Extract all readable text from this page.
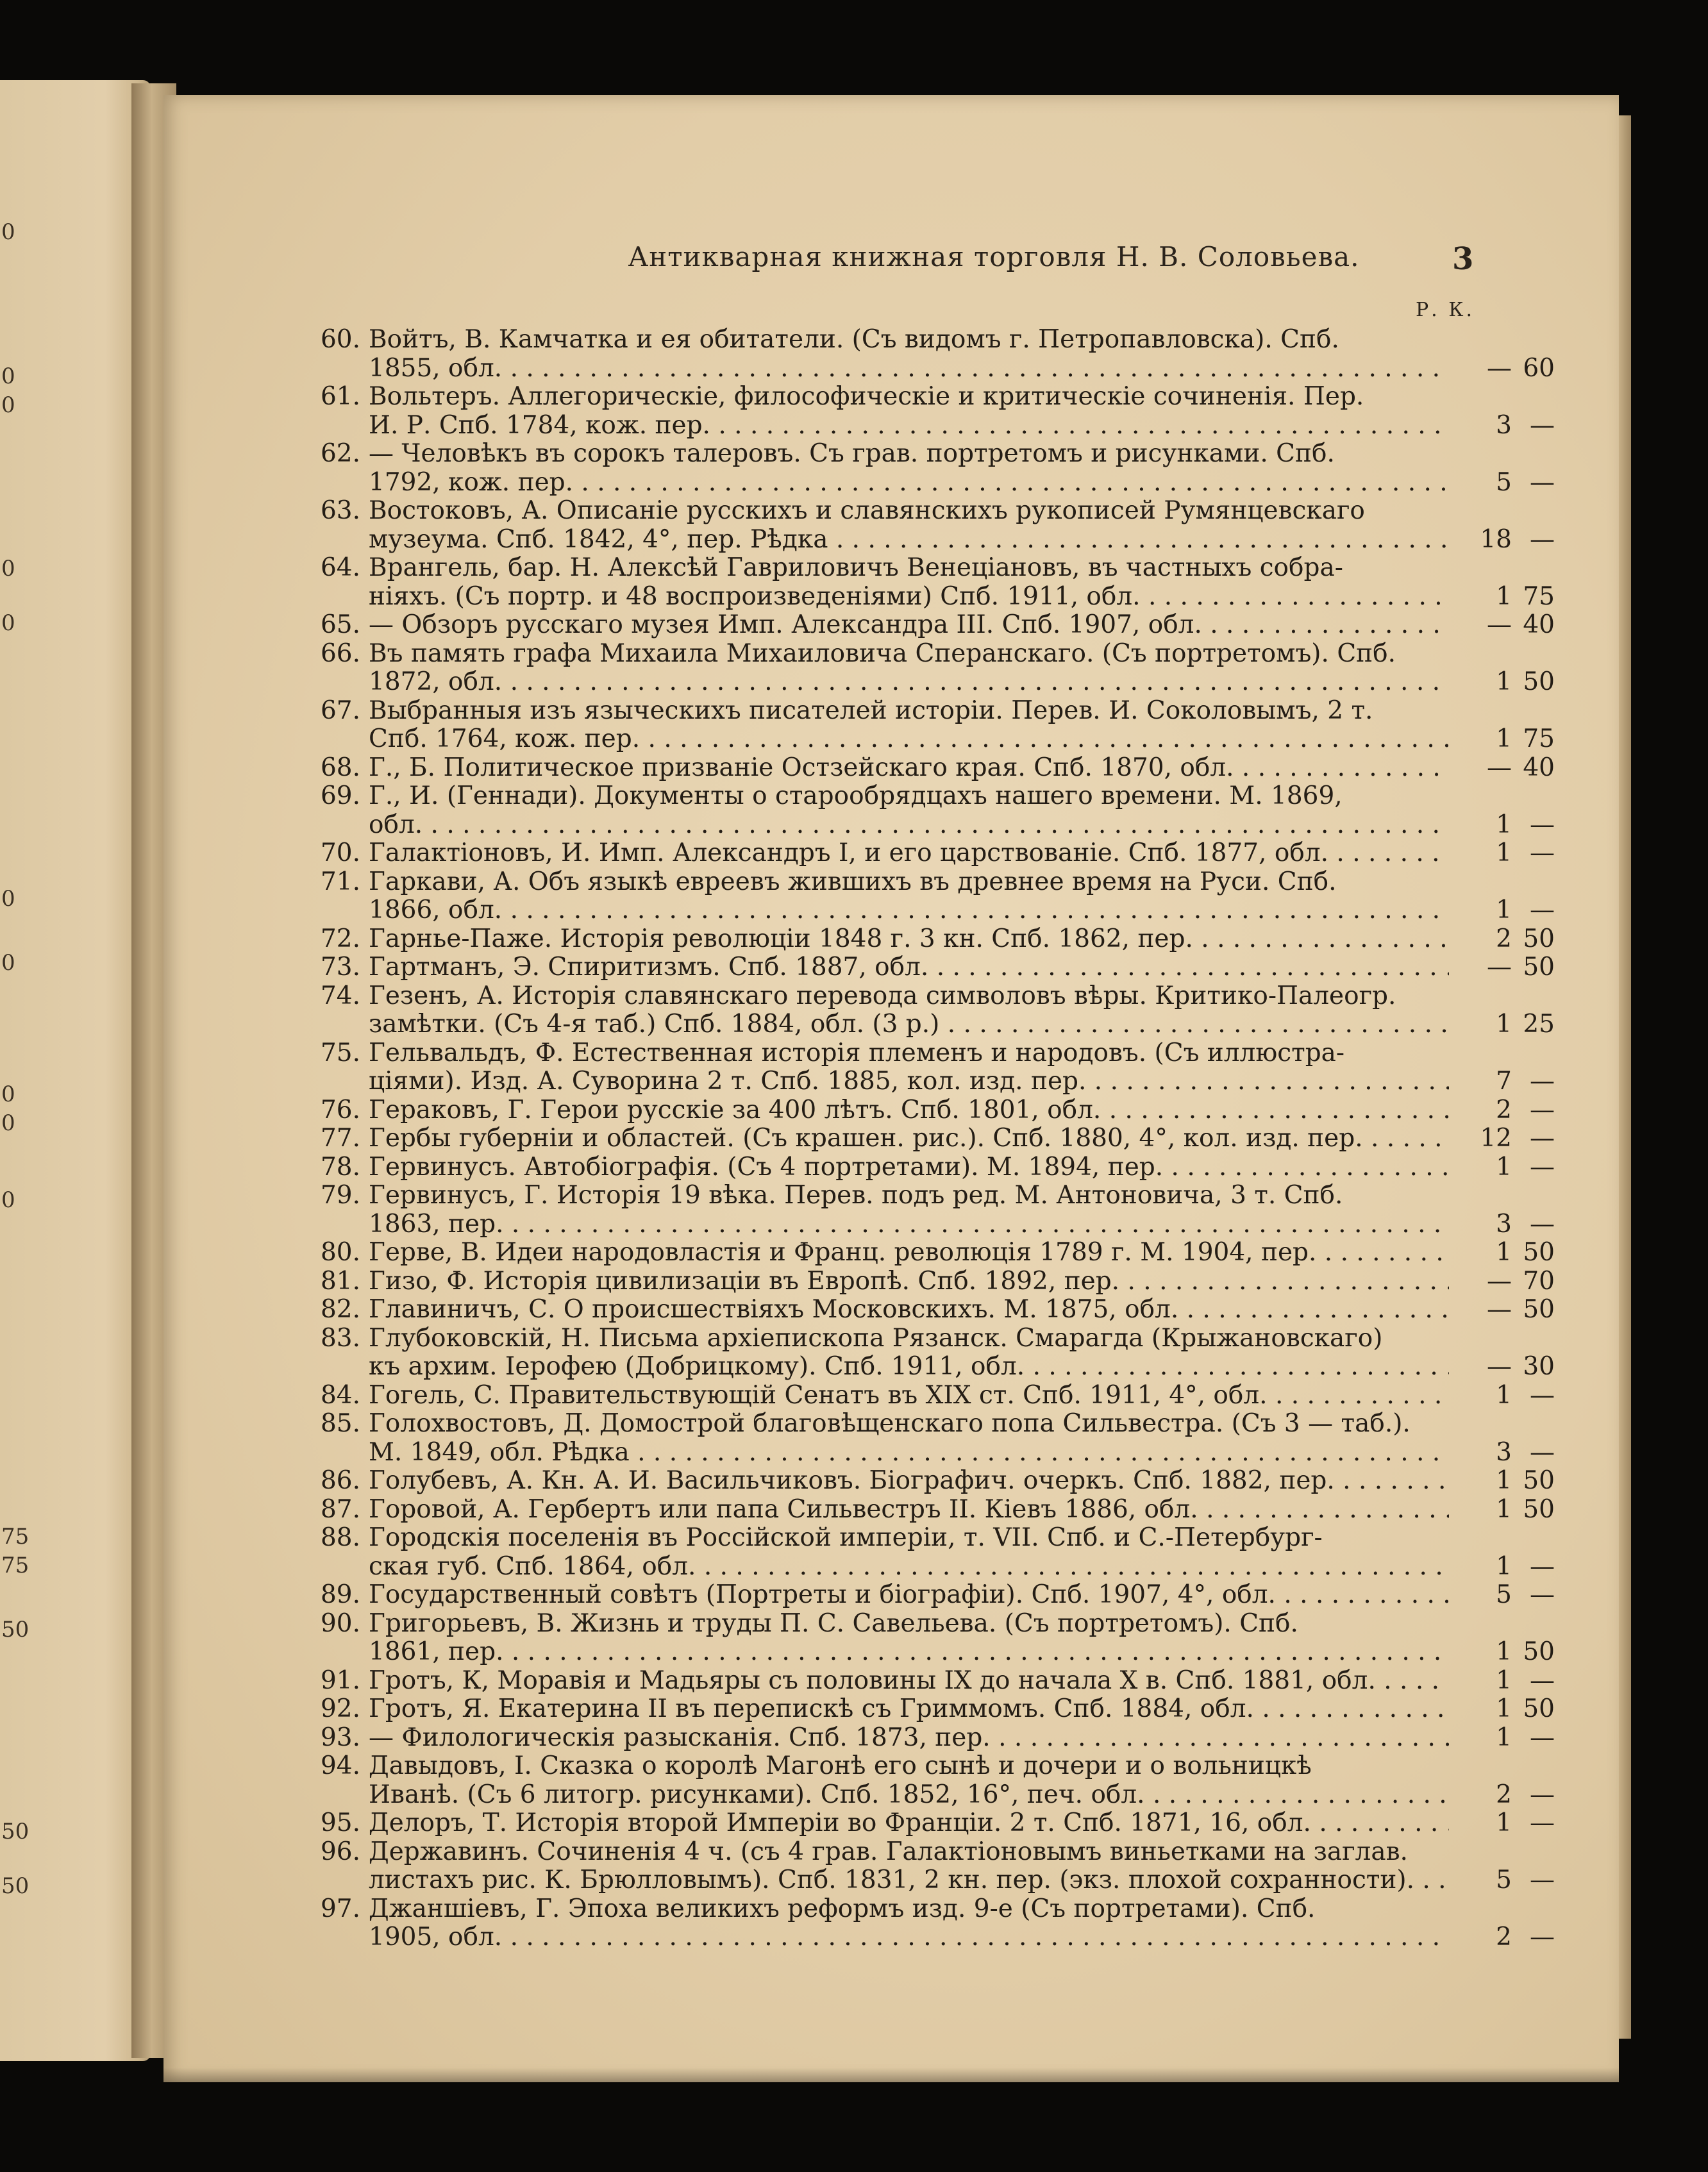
0
0
0
0
0
0
0
0
0
0
75
75
50
50
50
Антикварная книжная торговля Н. В. Соловьева.	3
Р. К.
60. Войтъ, В. Камчатка и ея обитатели. (Съ видомъ г. Петропавловска). Спб.
1855, обл. . . .	— 60
61. Вольтеръ. Аллегорическіе, философическіе и критическіе сочиненія. Пер.
И. Р. Спб. 1784, кож. пер. . . .	3 —
62. — Человѣкъ въ сорокъ талеровъ. Съ грав. портретомъ и рисунками. Спб.
1792, кож. пер. . . .	5 —
63. Востоковъ, А. Описаніе русскихъ и славянскихъ рукописей Румянцевскаго
музеума. Спб. 1842, 4°, пер. Рѣдка . . .	18 —
64. Врангель, бар. Н. Алексѣй Гавриловичъ Венеціановъ, въ частныхъ собра-
ніяхъ. (Съ портр. и 48 воспроизведеніями) Спб. 1911, обл. . . .	1 75
65. — Обзоръ русскаго музея Имп. Александра III. Спб. 1907, обл. . . .	— 40
66. Въ память графа Михаила Михаиловича Сперанскаго. (Съ портретомъ). Спб.
1872, обл. . . .	1 50
67. Выбранныя изъ языческихъ писателей исторіи. Перев. И. Соколовымъ, 2 т.
Спб. 1764, кож. пер. . . .	1 75
68. Г., Б. Политическое призваніе Остзейскаго края. Спб. 1870, обл. . . .	— 40
69. Г., И. (Геннади). Документы о старообрядцахъ нашего времени. М. 1869,
обл. . . .	1 —
70. Галактіоновъ, И. Имп. Александръ I, и его царствованіе. Спб. 1877, обл. . . .	1 —
71. Гаркави, А. Объ языкѣ евреевъ жившихъ въ древнее время на Руси. Спб.
1866, обл. . . .	1 —
72. Гарнье-Паже. Исторія революціи 1848 г. 3 кн. Спб. 1862, пер. . . .	2 50
73. Гартманъ, Э. Спиритизмъ. Спб. 1887, обл. . . .	— 50
74. Гезенъ, А. Исторія славянскаго перевода символовъ вѣры. Критико-Палеогр.
замѣтки. (Съ 4-я таб.) Спб. 1884, обл. (3 р.) . . .	1 25
75. Гельвальдъ, Ф. Естественная исторія племенъ и народовъ. (Съ иллюстра-
ціями). Изд. А. Суворина 2 т. Спб. 1885, кол. изд. пер. . . .	7 —
76. Гераковъ, Г. Герои русскіе за 400 лѣтъ. Спб. 1801, обл. . . .	2 —
77. Гербы губерніи и областей. (Съ крашен. рис.). Спб. 1880, 4°, кол. изд. пер. . . .	12 —
78. Гервинусъ. Автобіографія. (Съ 4 портретами). М. 1894, пер. . . .	1 —
79. Гервинусъ, Г. Исторія 19 вѣка. Перев. подъ ред. М. Антоновича, 3 т. Спб.
1863, пер. . . .	3 —
80. Герве, В. Идеи народовластія и Франц. революція 1789 г. М. 1904, пер. . . .	1 50
81. Гизо, Ф. Исторія цивилизаціи въ Европѣ. Спб. 1892, пер. . . .	— 70
82. Главиничъ, С. О происшествіяхъ Московскихъ. М. 1875, обл. . . .	— 50
83. Глубоковскій, Н. Письма архіепископа Рязанск. Смарагда (Крыжановскаго)
къ архим. Іерофею (Добрицкому). Спб. 1911, обл. . . .	— 30
84. Гогель, С. Правительствующій Сенатъ въ XIX ст. Спб. 1911, 4°, обл. . . .	1 —
85. Голохвостовъ, Д. Домострой благовѣщенскаго попа Сильвестра. (Съ 3 — таб.).
М. 1849, обл. Рѣдка . . .	3 —
86. Голубевъ, А. Кн. А. И. Васильчиковъ. Біографич. очеркъ. Спб. 1882, пер. . . .	1 50
87. Горовой, А. Гербертъ или папа Сильвестръ II. Кіевъ 1886, обл. . . .	1 50
88. Городскія поселенія въ Россійской имперіи, т. VII. Спб. и С.-Петербург-
ская губ. Спб. 1864, обл. . . .	1 —
89. Государственный совѣтъ (Портреты и біографіи). Спб. 1907, 4°, обл. . . .	5 —
90. Григорьевъ, В. Жизнь и труды П. С. Савельева. (Съ портретомъ). Спб.
1861, пер. . . .	1 50
91. Гротъ, К, Моравія и Мадьяры съ половины IX до начала X в. Спб. 1881, обл. . . .	1 —
92. Гротъ, Я. Екатерина II въ перепискѣ съ Гриммомъ. Спб. 1884, обл. . . .	1 50
93. — Филологическія разысканія. Спб. 1873, пер. . . .	1 —
94. Давыдовъ, І. Сказка о королѣ Магонѣ его сынѣ и дочери и о вольницкѣ
Иванѣ. (Съ 6 литогр. рисунками). Спб. 1852, 16°, печ. обл. . . .	2 —
95. Делоръ, Т. Исторія второй Имперіи во Франціи. 2 т. Спб. 1871, 16, обл. . . .	1 —
96. Державинъ. Сочиненія 4 ч. (съ 4 грав. Галактіоновымъ виньетками на заглав.
листахъ рис. К. Брюлловымъ). Спб. 1831, 2 кн. пер. (экз. плохой сохранности). . . .	5 —
97. Джаншіевъ, Г. Эпоха великихъ реформъ изд. 9-е (Съ портретами). Спб.
1905, обл. . . .	2 —
